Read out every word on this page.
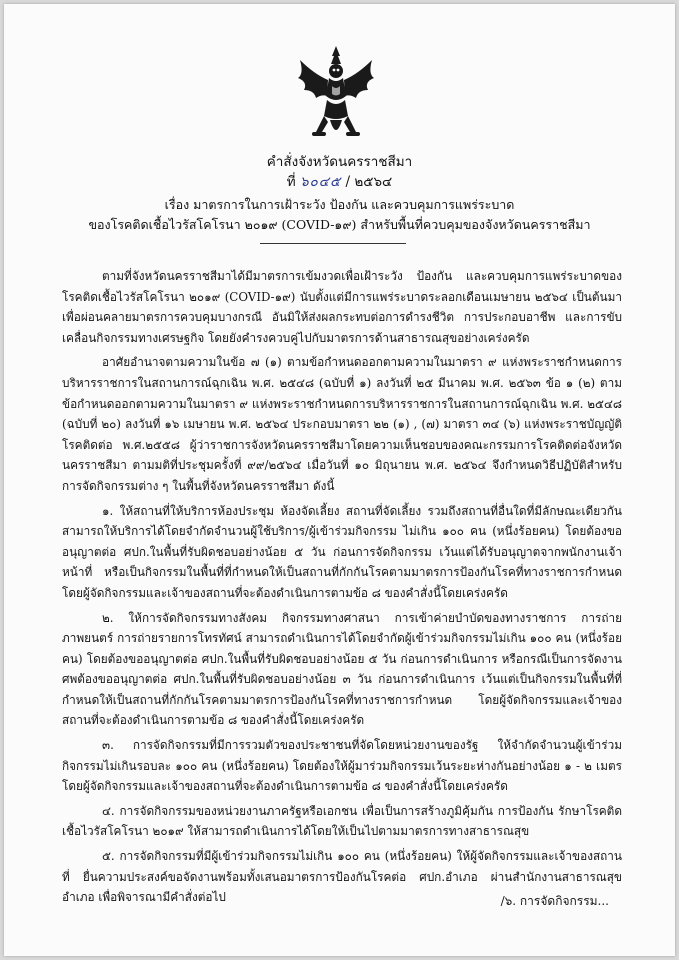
คำสั่งจังหวัดนครราชสีมา
ที่ ๖๐๔๕ / ๒๕๖๔
เรื่อง มาตรการในการเฝ้าระวัง ป้องกัน และควบคุมการแพร่ระบาด
ของโรคติดเชื้อไวรัสโคโรนา ๒๐๑๙ (COVID-๑๙) สำหรับพื้นที่ควบคุมของจังหวัดนครราชสีมา

ตามที่จังหวัดนครราชสีมาได้มีมาตรการเข้มงวดเพื่อเฝ้าระวัง ป้องกัน และควบคุมการแพร่ระบาดของโรคติดเชื้อไวรัสโคโรนา ๒๐๑๙ (COVID-๑๙) นับตั้งแต่มีการแพร่ระบาดระลอกเดือนเมษายน ๒๕๖๔ เป็นต้นมา เพื่อผ่อนคลายมาตรการควบคุมบางกรณี อันมิให้ส่งผลกระทบต่อการดำรงชีวิต การประกอบอาชีพ และการขับเคลื่อนกิจกรรมทางเศรษฐกิจ โดยยังคำรงควบคู่ไปกับมาตรการด้านสาธารณสุขอย่างเคร่งครัด

อาศัยอำนาจตามความในข้อ ๗ (๑) ตามข้อกำหนดออกตามความในมาตรา ๙ แห่งพระราชกำหนดการบริหารราชการในสถานการณ์ฉุกเฉิน พ.ศ. ๒๕๔๘ (ฉบับที่ ๑) ลงวันที่ ๒๕ มีนาคม พ.ศ. ๒๕๖๓ ข้อ ๑ (๒) ตามข้อกำหนดออกตามความในมาตรา ๙ แห่งพระราชกำหนดการบริหารราชการในสถานการณ์ฉุกเฉิน พ.ศ. ๒๕๔๘ (ฉบับที่ ๒๐) ลงวันที่ ๑๖ เมษายน พ.ศ. ๒๕๖๔ ประกอบมาตรา ๒๒ (๑) , (๗) มาตรา ๓๔ (๖) แห่งพระราชบัญญัติโรคติดต่อ พ.ศ.๒๕๕๘ ผู้ว่าราชการจังหวัดนครราชสีมาโดยความเห็นชอบของคณะกรรมการโรคติดต่อจังหวัดนครราชสีมา ตามมติที่ประชุมครั้งที่ ๙๙/๒๕๖๔ เมื่อวันที่ ๑๐ มิถุนายน พ.ศ. ๒๕๖๔ จึงกำหนดวิธีปฏิบัติสำหรับการจัดกิจกรรมต่าง ๆ ในพื้นที่จังหวัดนครราชสีมา ดังนี้

๑. ให้สถานที่ให้บริการห้องประชุม ห้องจัดเลี้ยง สถานที่จัดเลี้ยง รวมถึงสถานที่อื่นใดที่มีลักษณะเดียวกัน สามารถให้บริการได้โดยจำกัดจำนวนผู้ใช้บริการ/ผู้เข้าร่วมกิจกรรม ไม่เกิน ๑๐๐ คน (หนึ่งร้อยคน) โดยต้องขออนุญาตต่อ ศปก.ในพื้นที่รับผิดชอบอย่างน้อย ๕ วัน ก่อนการจัดกิจกรรม เว้นแต่ได้รับอนุญาตจากพนักงานเจ้าหน้าที่ หรือเป็นกิจกรรมในพื้นที่ที่กำหนดให้เป็นสถานที่กักกันโรคตามมาตรการป้องกันโรคที่ทางราชการกำหนด โดยผู้จัดกิจกรรมและเจ้าของสถานที่จะต้องดำเนินการตามข้อ ๘ ของคำสั่งนี้โดยเคร่งครัด

๒. ให้การจัดกิจกรรมทางสังคม กิจกรรมทางศาสนา การเข้าค่ายบำบัดของทางราชการ การถ่ายภาพยนตร์ การถ่ายรายการโทรทัศน์ สามารถดำเนินการได้โดยจำกัดผู้เข้าร่วมกิจกรรมไม่เกิน ๑๐๐ คน (หนึ่งร้อยคน) โดยต้องขออนุญาตต่อ ศปก.ในพื้นที่รับผิดชอบอย่างน้อย ๕ วัน ก่อนการดำเนินการ หรือกรณีเป็นการจัดงานศพต้องขออนุญาตต่อ ศปก.ในพื้นที่รับผิดชอบอย่างน้อย ๓ วัน ก่อนการดำเนินการ เว้นแต่เป็นกิจกรรมในพื้นที่ที่กำหนดให้เป็นสถานที่กักกันโรคตามมาตรการป้องกันโรคที่ทางราชการกำหนด โดยผู้จัดกิจกรรมและเจ้าของสถานที่จะต้องดำเนินการตามข้อ ๘ ของคำสั่งนี้โดยเคร่งครัด

๓. การจัดกิจกรรมที่มีการรวมตัวของประชาชนที่จัดโดยหน่วยงานของรัฐ ให้จำกัดจำนวนผู้เข้าร่วมกิจกรรมไม่เกินรอบละ ๑๐๐ คน (หนึ่งร้อยคน) โดยต้องให้ผู้มาร่วมกิจกรรมเว้นระยะห่างกันอย่างน้อย ๑ - ๒ เมตร โดยผู้จัดกิจกรรมและเจ้าของสถานที่จะต้องดำเนินการตามข้อ ๘ ของคำสั่งนี้โดยเคร่งครัด

๔. การจัดกิจกรรมของหน่วยงานภาครัฐหรือเอกชน เพื่อเป็นการสร้างภูมิคุ้มกัน การป้องกัน รักษาโรคติดเชื้อไวรัสโคโรนา ๒๐๑๙ ให้สามารถดำเนินการได้โดยให้เป็นไปตามมาตรการทางสาธารณสุข

๕. การจัดกิจกรรมที่มีผู้เข้าร่วมกิจกรรมไม่เกิน ๑๐๐ คน (หนึ่งร้อยคน) ให้ผู้จัดกิจกรรมและเจ้าของสถานที่ ยื่นความประสงค์ขอจัดงานพร้อมทั้งเสนอมาตรการป้องกันโรคต่อ ศปก.อำเภอ ผ่านสำนักงานสาธารณสุขอำเภอ เพื่อพิจารณามีคำสั่งต่อไป	/๖. การจัดกิจกรรม...
